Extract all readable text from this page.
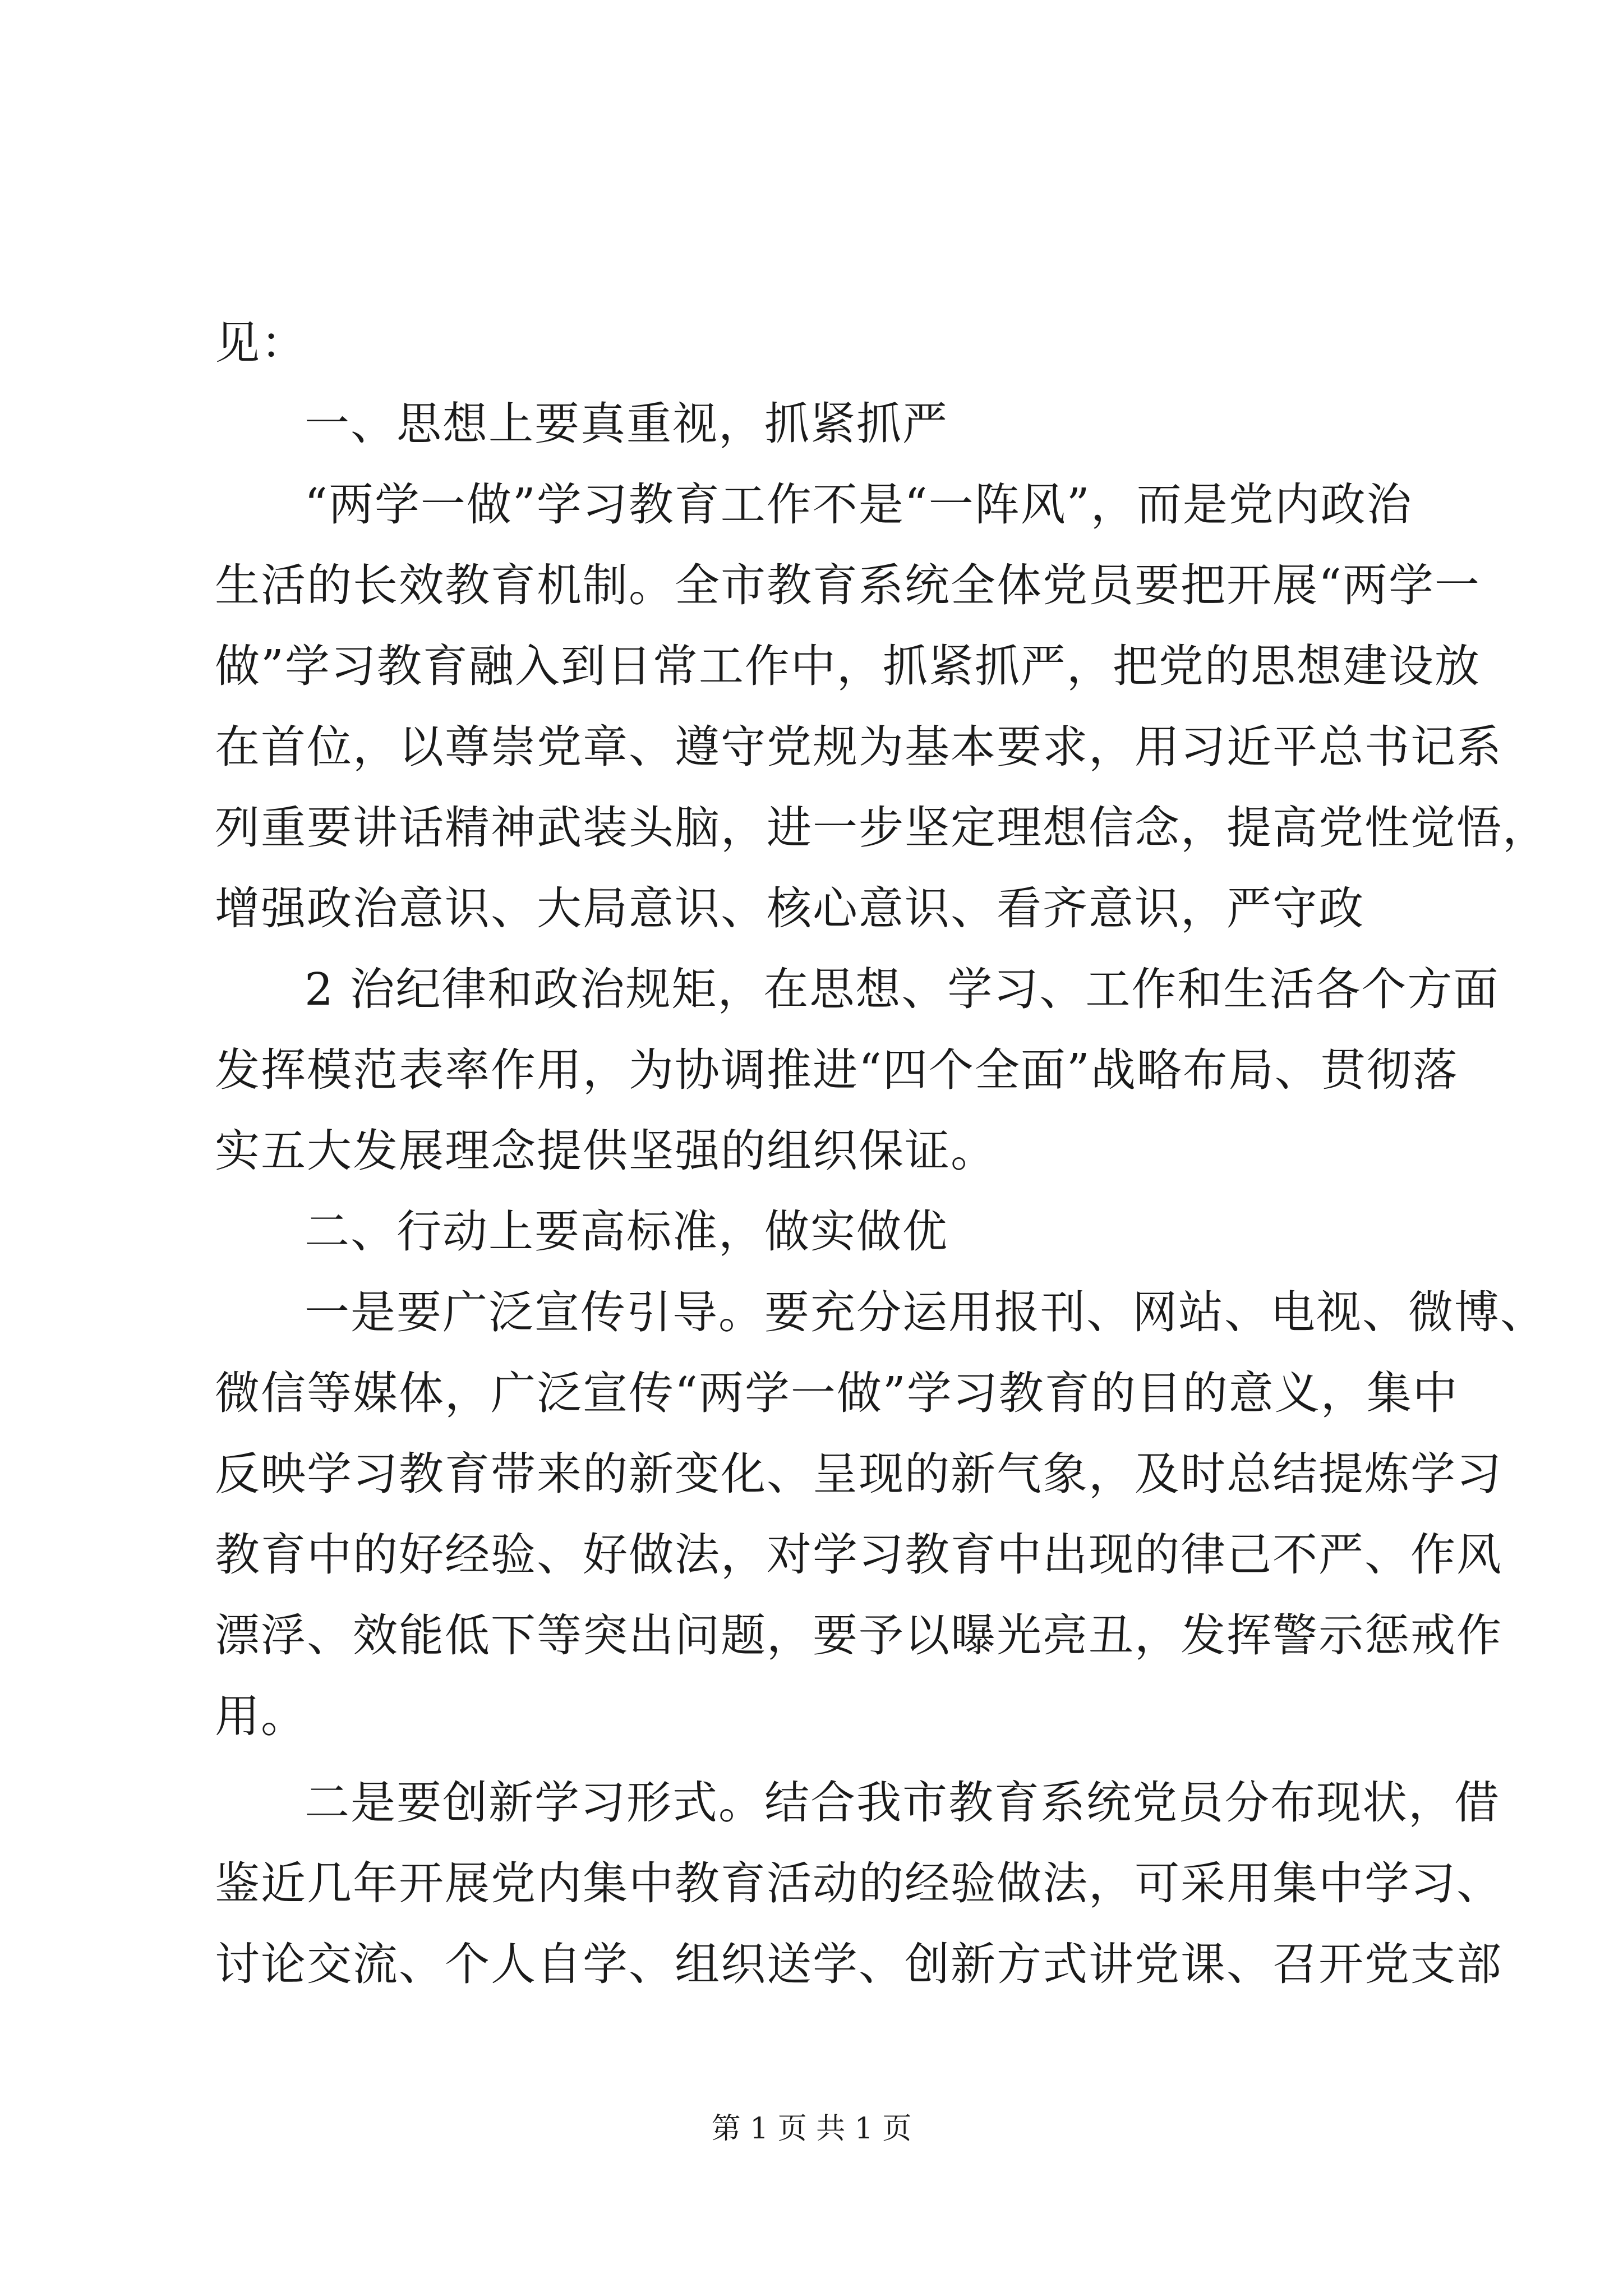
见：
一、思想上要真重视，抓紧抓严
“两学一做”学习教育工作不是“一阵风”，而是党内政治
生活的长效教育机制。全市教育系统全体党员要把开展“两学一
做”学习教育融入到日常工作中，抓紧抓严，把党的思想建设放
在首位，以尊崇党章、遵守党规为基本要求，用习近平总书记系
列重要讲话精神武装头脑，进一步坚定理想信念，提高党性觉悟，
增强政治意识、大局意识、核心意识、看齐意识，严守政
2 治纪律和政治规矩，在思想、学习、工作和生活各个方面
发挥模范表率作用，为协调推进“四个全面”战略布局、贯彻落
实五大发展理念提供坚强的组织保证。
二、行动上要高标准，做实做优
一是要广泛宣传引导。要充分运用报刊、网站、电视、微博、
微信等媒体，广泛宣传“两学一做”学习教育的目的意义，集中
反映学习教育带来的新变化、呈现的新气象，及时总结提炼学习
教育中的好经验、好做法，对学习教育中出现的律己不严、作风
漂浮、效能低下等突出问题，要予以曝光亮丑，发挥警示惩戒作
用。
二是要创新学习形式。结合我市教育系统党员分布现状，借
鉴近几年开展党内集中教育活动的经验做法，可采用集中学习、
讨论交流、个人自学、组织送学、创新方式讲党课、召开党支部
第 1 页 共 1 页
